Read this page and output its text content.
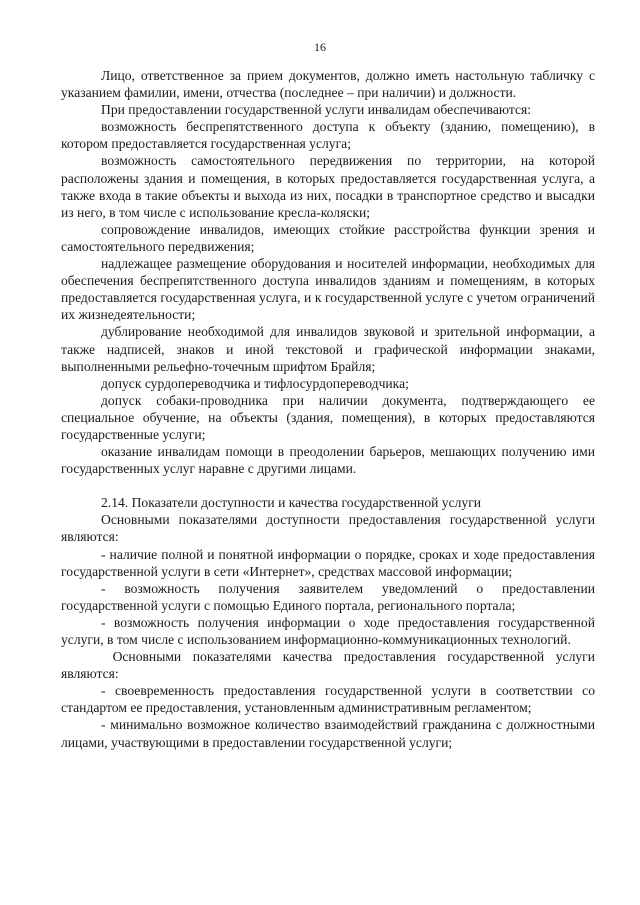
16

Лицо, ответственное за прием документов, должно иметь настольную табличку с указанием фамилии, имени, отчества (последнее – при наличии) и должности.

При предоставлении государственной услуги инвалидам обеспечиваются:

возможность беспрепятственного доступа к объекту (зданию, помещению), в котором предоставляется государственная услуга;

возможность самостоятельного передвижения по территории, на которой расположены здания и помещения, в которых предоставляется государственная услуга, а также входа в такие объекты и выхода из них, посадки в транспортное средство и высадки из него, в том числе с использование кресла-коляски;

сопровождение инвалидов, имеющих стойкие расстройства функции зрения и самостоятельного передвижения;

надлежащее размещение оборудования и носителей информации, необходимых для обеспечения беспрепятственного доступа инвалидов зданиям и помещениям, в которых предоставляется государственная услуга, и к государственной услуге с учетом ограничений их жизнедеятельности;

дублирование необходимой для инвалидов звуковой и зрительной информации, а также надписей, знаков и иной текстовой и графической информации знаками, выполненными рельефно-точечным шрифтом Брайля;

допуск сурдопереводчика и тифлосурдопереводчика;

допуск собаки-проводника при наличии документа, подтверждающего ее специальное обучение, на объекты (здания, помещения), в которых предоставляются государственные услуги;

оказание инвалидам помощи в преодолении барьеров, мешающих получению ими государственных услуг наравне с другими лицами.

2.14. Показатели доступности и качества государственной услуги

Основными показателями доступности предоставления государственной услуги являются:

- наличие полной и понятной информации о порядке, сроках и ходе предоставления государственной услуги в сети «Интернет», средствах массовой информации;

- возможность получения заявителем уведомлений о предоставлении государственной услуги с помощью Единого портала, регионального портала;

- возможность получения информации о ходе предоставления государственной услуги, в том числе с использованием информационно-коммуникационных технологий.

Основными показателями качества предоставления государственной услуги являются:

- своевременность предоставления государственной услуги в соответствии со стандартом ее предоставления, установленным административным регламентом;

- минимально возможное количество взаимодействий гражданина с должностными лицами, участвующими в предоставлении государственной услуги;
